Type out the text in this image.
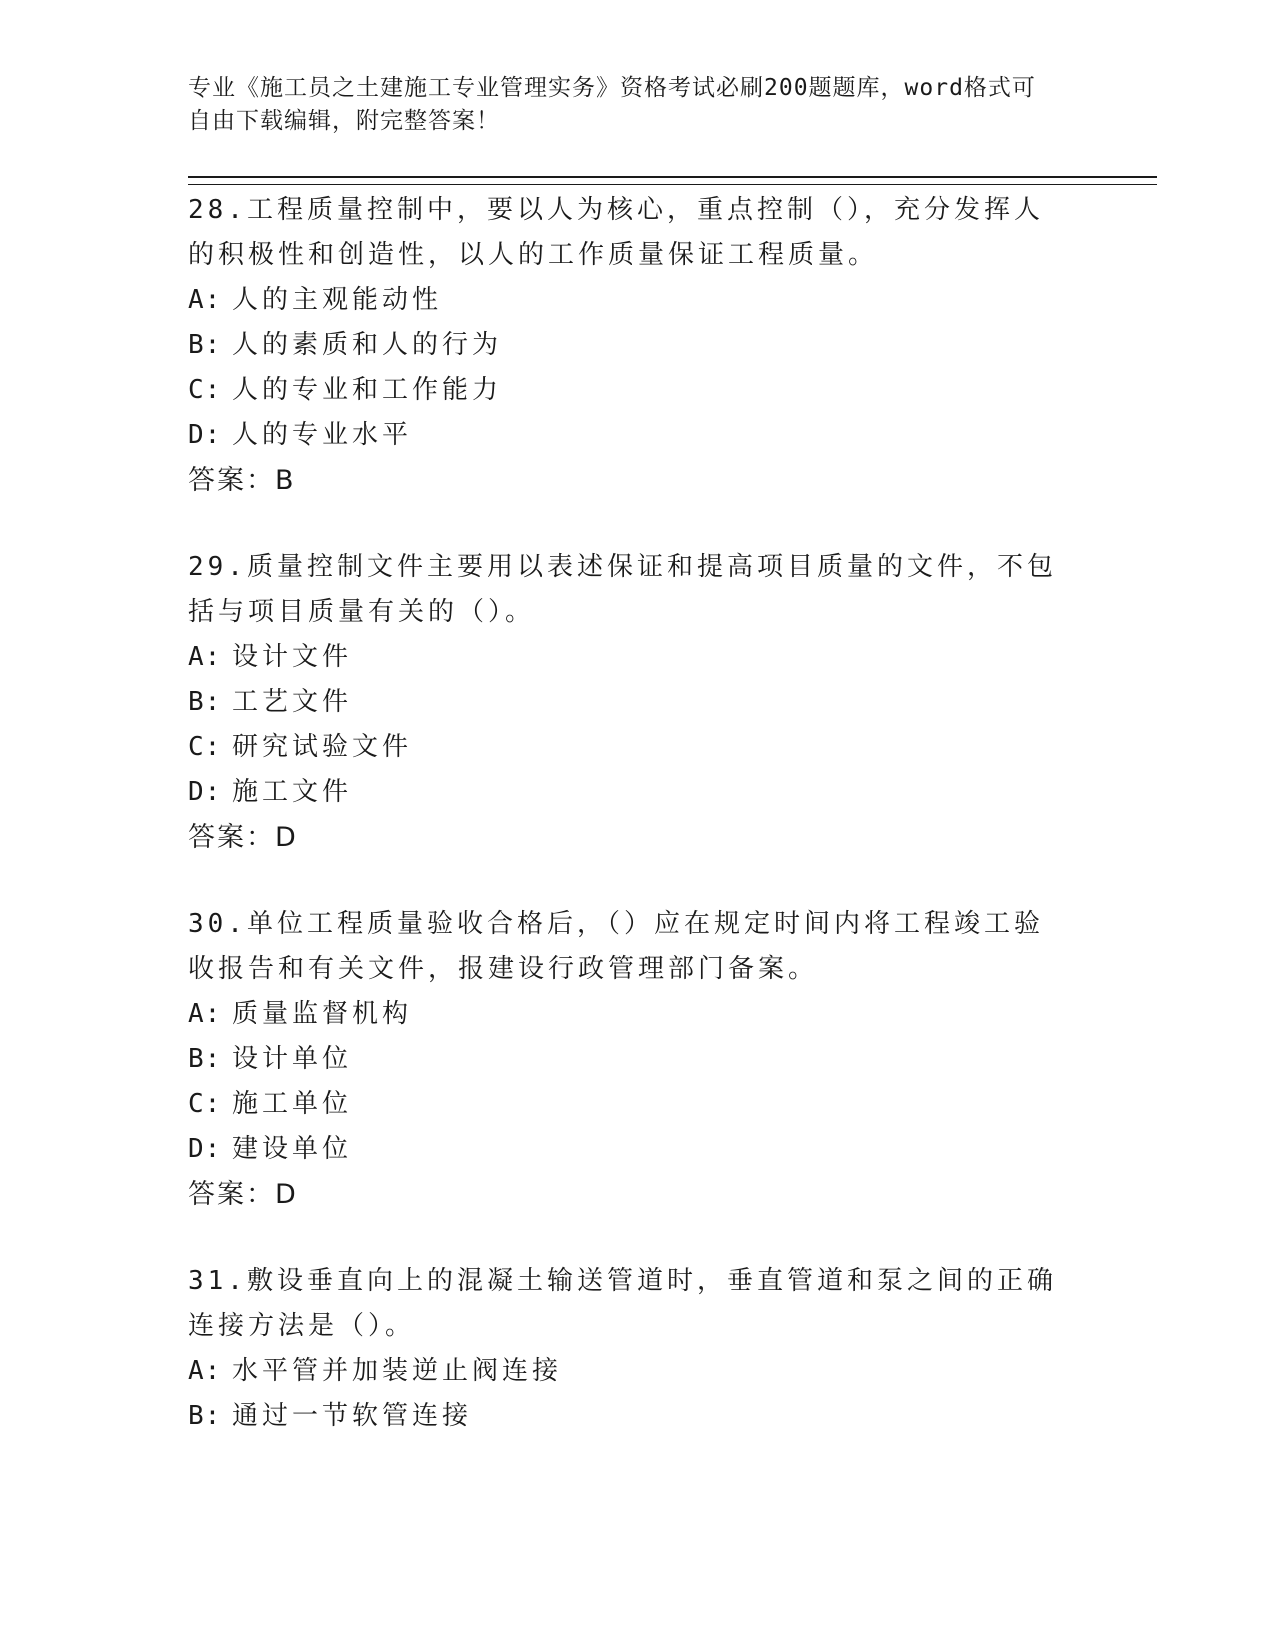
专业《施工员之土建施工专业管理实务》资格考试必刷200题题库，word格式可
自由下载编辑，附完整答案！

28.工程质量控制中，要以人为核心，重点控制（），充分发挥人的积极性和创造性，以人的工作质量保证工程质量。

A: 人的主观能动性
B: 人的素质和人的行为
C: 人的专业和工作能力
D: 人的专业水平
答案：B

29.质量控制文件主要用以表述保证和提高项目质量的文件，不包括与项目质量有关的（）。

A: 设计文件
B: 工艺文件
C: 研究试验文件
D: 施工文件
答案：D

30.单位工程质量验收合格后，（）应在规定时间内将工程竣工验收报告和有关文件，报建设行政管理部门备案。

A: 质量监督机构
B: 设计单位
C: 施工单位
D: 建设单位
答案：D

31.敷设垂直向上的混凝土输送管道时，垂直管道和泵之间的正确连接方法是（）。

A: 水平管并加装逆止阀连接
B: 通过一节软管连接
